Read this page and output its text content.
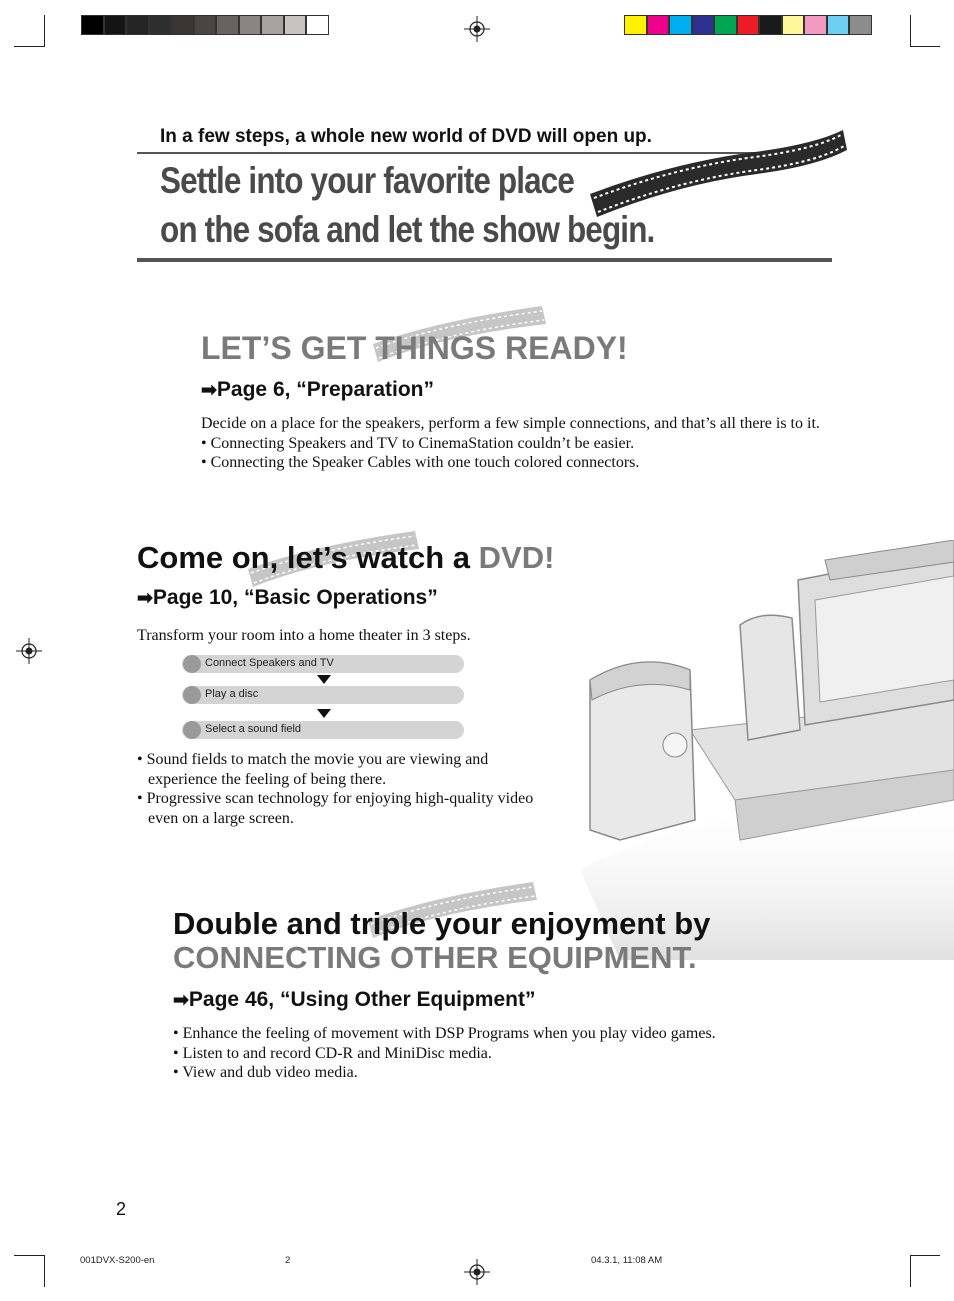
In a few steps, a whole new world of DVD will open up.
Settle into your favorite place
on the sofa and let the show begin.
LET’S GET THINGS READY!
➡Page 6, “Preparation”
Decide on a place for the speakers, perform a few simple connections, and that’s all there is to it.
• Connecting Speakers and TV to CinemaStation couldn’t be easier.
• Connecting the Speaker Cables with one touch colored connectors.
Come on, let’s watch a DVD!
➡Page 10, “Basic Operations”
Transform your room into a home theater in 3 steps.
Connect Speakers and TV
Play a disc
Select a sound field
• Sound fields to match the movie you are viewing and experience the feeling of being there.
• Progressive scan technology for enjoying high-quality video even on a large screen.
Double and triple your enjoyment by
CONNECTING OTHER EQUIPMENT.
➡Page 46, “Using Other Equipment”
• Enhance the feeling of movement with DSP Programs when you play video games.
• Listen to and record CD-R and MiniDisc media.
• View and dub video media.
2
001DVX-S200-en	2	04.3.1, 11:08 AM
